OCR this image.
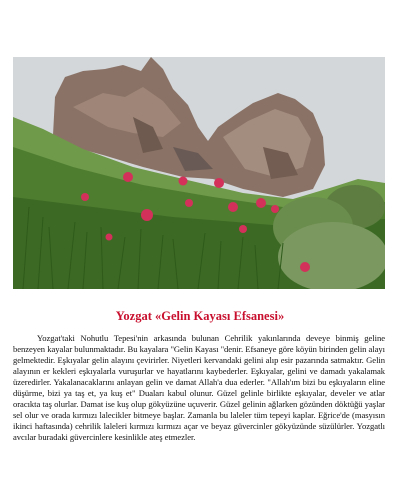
Yozgat «Gelin Kayası Efsanesi»
Yozgat'taki Nohutlu Tepesi'nin arkasında bulunan Cehrilik yakınlarında deveye binmiş geline benzeyen kayalar bulunmaktadır. Bu kayalara "Gelin Kayası "denir. Efsaneye göre köyün birinden gelin alayı gelmektedir. Eşkıyalar gelin alayını çevirirler. Niyetleri kervandaki gelini alıp esir pazarında satmaktır. Gelin alayının er kekleri eşkıyalarla vuruşurlar ve hayatlarını kaybederler. Eşkıyalar, gelini ve damadı yakalamak üzeredirler. Yakalanacaklarını anlayan gelin ve damat Allah'a dua ederler. "Allah'ım bizi bu eşkıyaların eline düşürme, bizi ya taş et, ya kuş et" Duaları kabul olunur. Güzel gelinle birlikte eşkıyalar, develer ve atlar oracıkta taş olurlar. Damat ise kuş olup gökyüzüne uçuverir. Güzel gelinin ağlarken gözünden döktüğü yaşlar sel olur ve orada kırmızı lalecikler bitmeye başlar. Zamanla bu laleler tüm tepeyi kaplar. Eğrice'de (masyısın ikinci haftasında) cehrilik laleleri kırmızı kırmızı açar ve beyaz güvercinler gökyüzünde süzülürler. Yozgatlı avcılar buradaki güvercinlere kesinlikle ateş etmezler.
